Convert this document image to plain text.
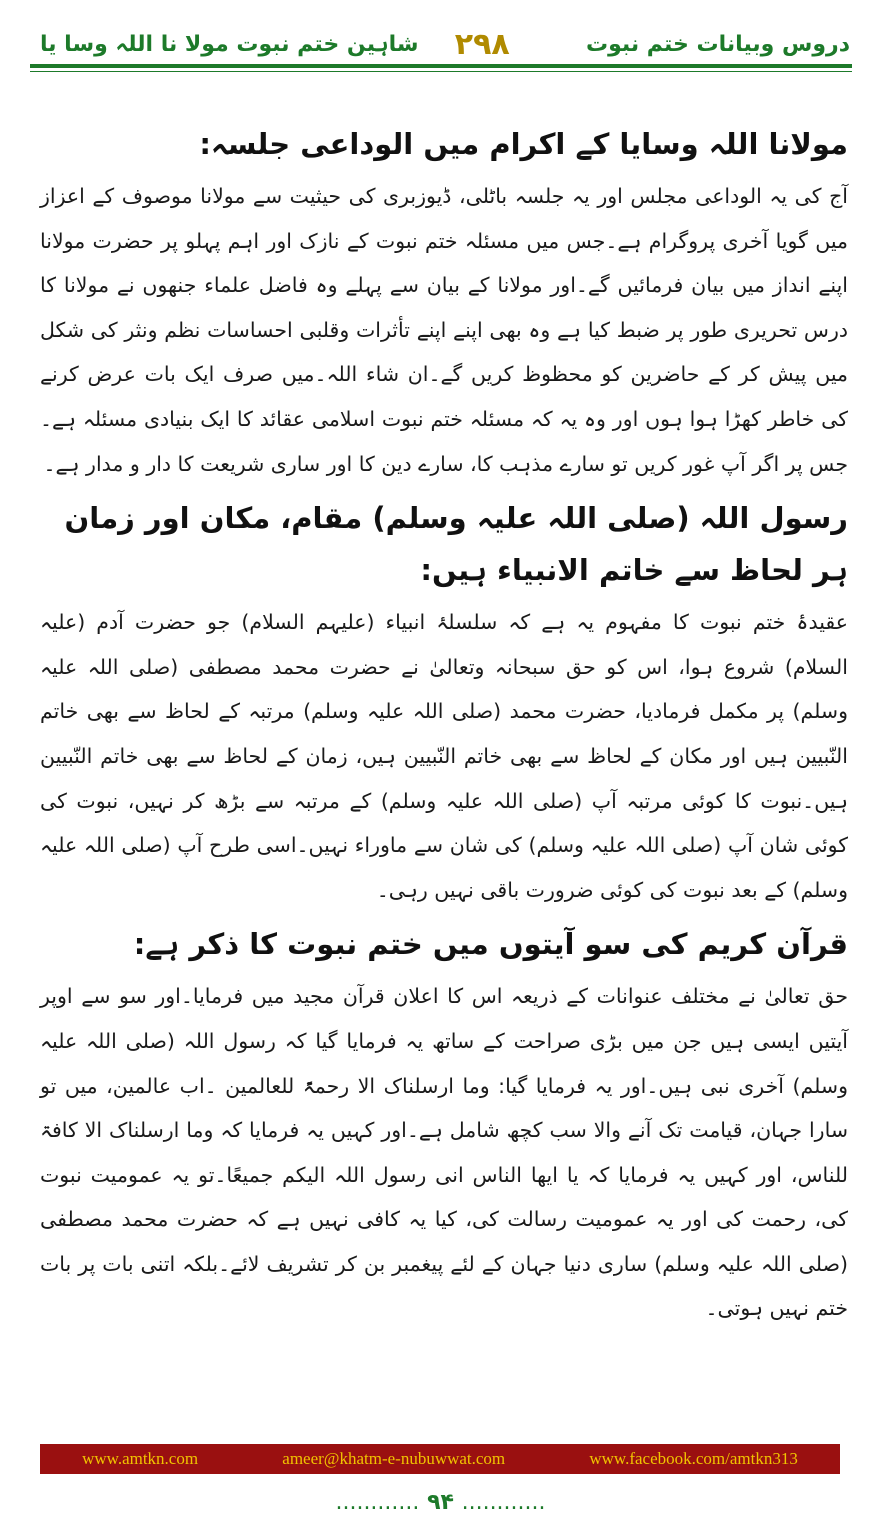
دروس وبیانات ختم نبوت
۲۹۸
شاہین ختم نبوت مولا نا اللہ وسا یا
مولانا اللہ وسایا کے اکرام میں الوداعی جلسہ:

آج کی یہ الوداعی مجلس اور یہ جلسہ باٹلی، ڈیوزبری کی حیثیت سے مولانا موصوف کے اعزاز میں گویا آخری پروگرام ہے۔جس میں مسئلہ ختم نبوت کے نازک اور اہم پہلو پر حضرت مولانا اپنے انداز میں بیان فرمائیں گے۔اور مولانا کے بیان سے پہلے وہ فاضل علماء جنھوں نے مولانا کا درس تحریری طور پر ضبط کیا ہے وہ بھی اپنے اپنے تأثرات وقلبی احساسات نظم ونثر کی شکل میں پیش کر کے حاضرین کو محظوظ کریں گے۔ان شاء اللہ۔میں صرف ایک بات عرض کرنے کی خاطر کھڑا ہوا ہوں اور وہ یہ کہ مسئلہ ختم نبوت اسلامی عقائد کا ایک بنیادی مسئلہ ہے۔جس پر اگر آپ غور کریں تو سارے مذہب کا، سارے دین کا اور ساری شریعت کا دار و مدار ہے۔

رسول اللہ (صلی اللہ علیہ وسلم) مقام، مکان اور زمان ہر لحاظ سے خاتم الانبیاء ہیں:

عقیدۂ ختم نبوت کا مفہوم یہ ہے کہ سلسلۂ انبیاء (علیہم السلام) جو حضرت آدم (علیہ السلام) شروع ہوا، اس کو حق سبحانہ وتعالیٰ نے حضرت محمد مصطفی (صلی اللہ علیہ وسلم) پر مکمل فرمادیا، حضرت محمد (صلی اللہ علیہ وسلم) مرتبہ کے لحاظ سے بھی خاتم النّبیین ہیں اور مکان کے لحاظ سے بھی خاتم النّبیین ہیں، زمان کے لحاظ سے بھی خاتم النّبیین ہیں۔نبوت کا کوئی مرتبہ آپ (صلی اللہ علیہ وسلم) کے مرتبہ سے بڑھ کر نہیں، نبوت کی کوئی شان آپ (صلی اللہ علیہ وسلم) کی شان سے ماوراء نہیں۔اسی طرح آپ (صلی اللہ علیہ وسلم) کے بعد نبوت کی کوئی ضرورت باقی نہیں رہی۔

قرآن کریم کی سو آیتوں میں ختم نبوت کا ذکر ہے:

حق تعالیٰ نے مختلف عنوانات کے ذریعہ اس کا اعلان قرآن مجید میں فرمایا۔اور سو سے اوپر آیتیں ایسی ہیں جن میں بڑی صراحت کے ساتھ یہ فرمایا گیا کہ رسول اللہ (صلی اللہ علیہ وسلم) آخری نبی ہیں۔اور یہ فرمایا گیا: وما ارسلناک الا رحمۃً للعالمین ۔اب عالمین، میں تو سارا جہان، قیامت تک آنے والا سب کچھ شامل ہے۔اور کہیں یہ فرمایا کہ وما ارسلناک الا کافۃ للناس، اور کہیں یہ فرمایا کہ یا ایھا الناس انی رسول اللہ الیکم جمیعًا۔تو یہ عمومیت نبوت کی، رحمت کی اور یہ عمومیت رسالت کی، کیا یہ کافی نہیں ہے کہ حضرت محمد مصطفی (صلی اللہ علیہ وسلم) ساری دنیا جہان کے لئے پیغمبر بن کر تشریف لائے۔بلکہ اتنی بات پر بات ختم نہیں ہوتی۔

www.amtkn.com	ameer@khatm-e-nubuwwat.com	www.facebook.com/amtkn313
............ ۹۴ ............
